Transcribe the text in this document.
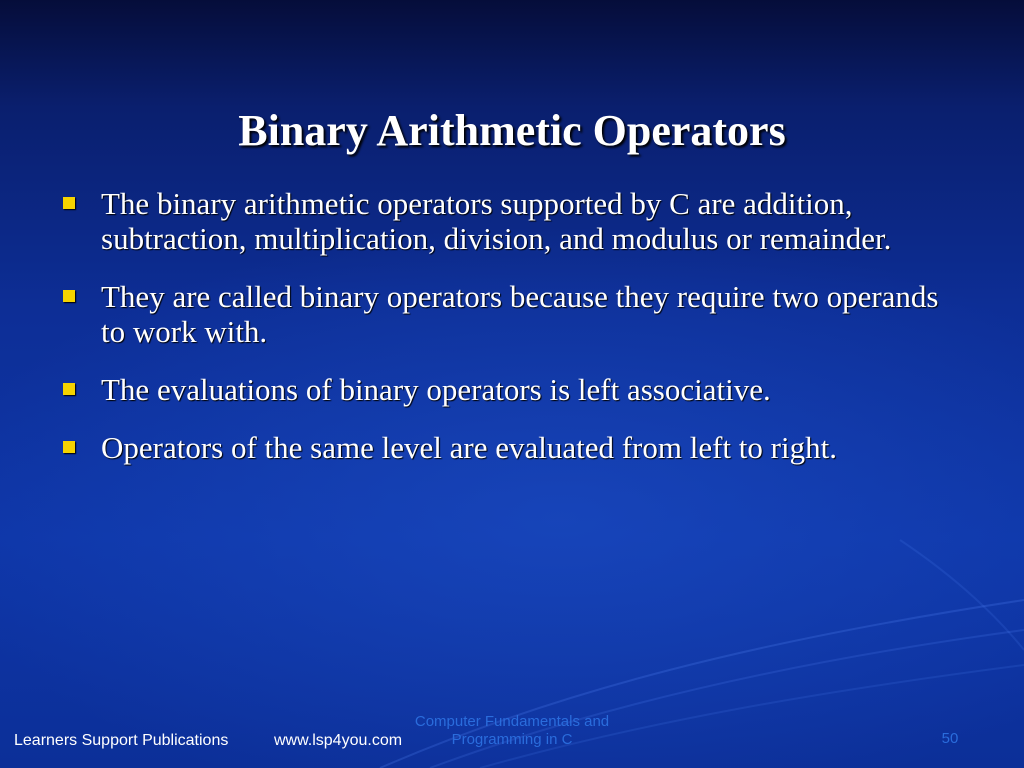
Binary Arithmetic Operators
The binary arithmetic operators supported by C are addition, subtraction, multiplication, division, and modulus or remainder.
They are called binary operators because they require two operands to work with.
The evaluations of binary operators is left associative.
Operators of the same level are evaluated from left to right.
Learners Support Publications	www.lsp4you.com
Computer Fundamentals and
Programming in C	50
